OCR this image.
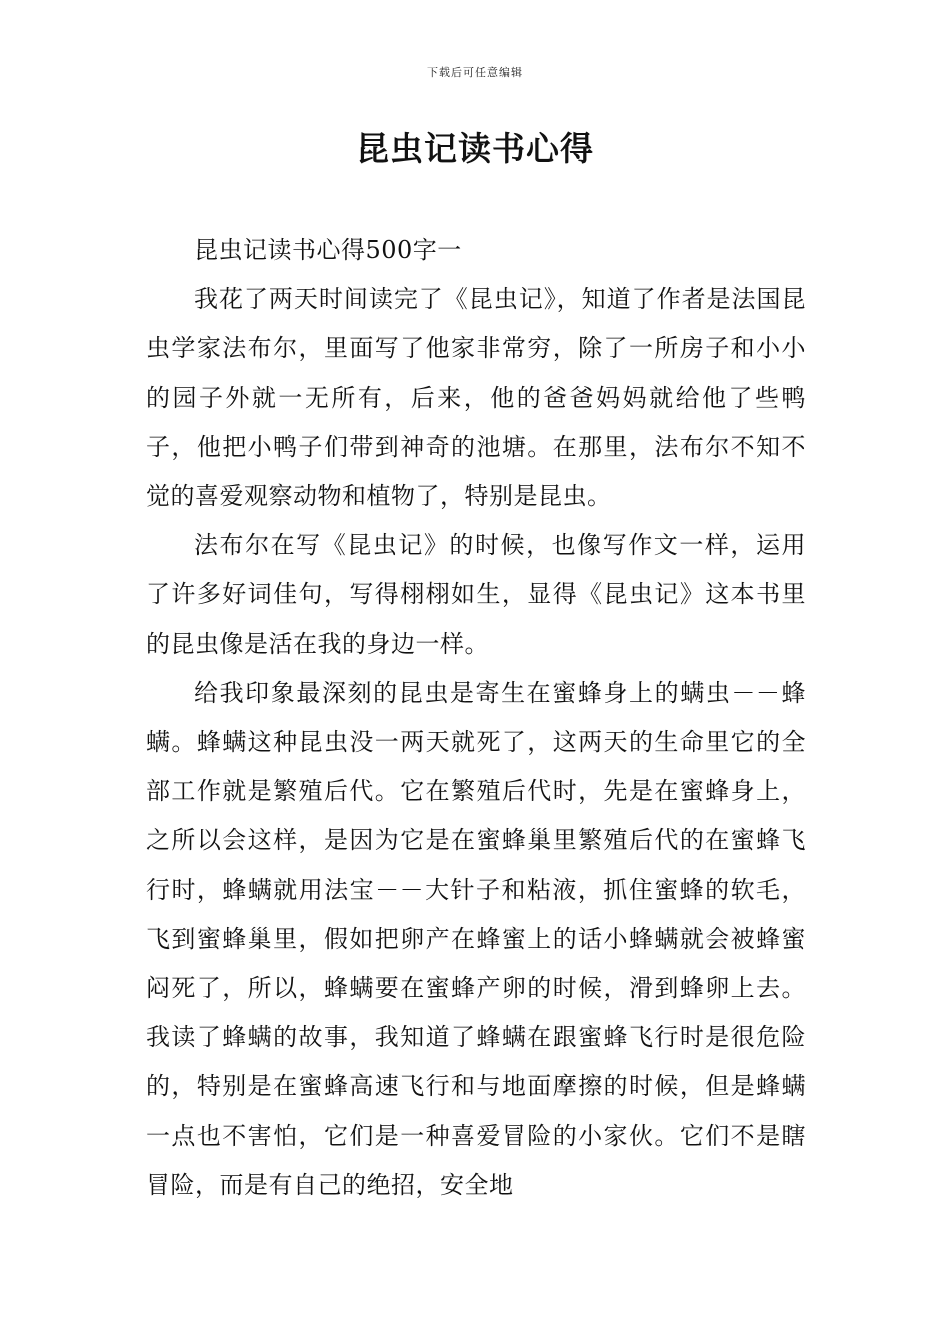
下载后可任意编辑
昆虫记读书心得

昆虫记读书心得500字一

我花了两天时间读完了《昆虫记》，知道了作者是法国昆虫学家法布尔，里面写了他家非常穷，除了一所房子和小小的园子外就一无所有，后来，他的爸爸妈妈就给他了些鸭子，他把小鸭子们带到神奇的池塘。在那里，法布尔不知不觉的喜爱观察动物和植物了，特别是昆虫。

法布尔在写《昆虫记》的时候，也像写作文一样，运用了许多好词佳句，写得栩栩如生，显得《昆虫记》这本书里的昆虫像是活在我的身边一样。

给我印象最深刻的昆虫是寄生在蜜蜂身上的螨虫－－蜂螨。蜂螨这种昆虫没一两天就死了，这两天的生命里它的全部工作就是繁殖后代。它在繁殖后代时，先是在蜜蜂身上，之所以会这样，是因为它是在蜜蜂巢里繁殖后代的在蜜蜂飞行时，蜂螨就用法宝－－大针子和粘液，抓住蜜蜂的软毛，飞到蜜蜂巢里，假如把卵产在蜂蜜上的话小蜂螨就会被蜂蜜闷死了，所以，蜂螨要在蜜蜂产卵的时候，滑到蜂卵上去。我读了蜂螨的故事，我知道了蜂螨在跟蜜蜂飞行时是很危险的，特别是在蜜蜂高速飞行和与地面摩擦的时候，但是蜂螨一点也不害怕，它们是一种喜爱冒险的小家伙。它们不是瞎冒险，而是有自己的绝招，安全地
